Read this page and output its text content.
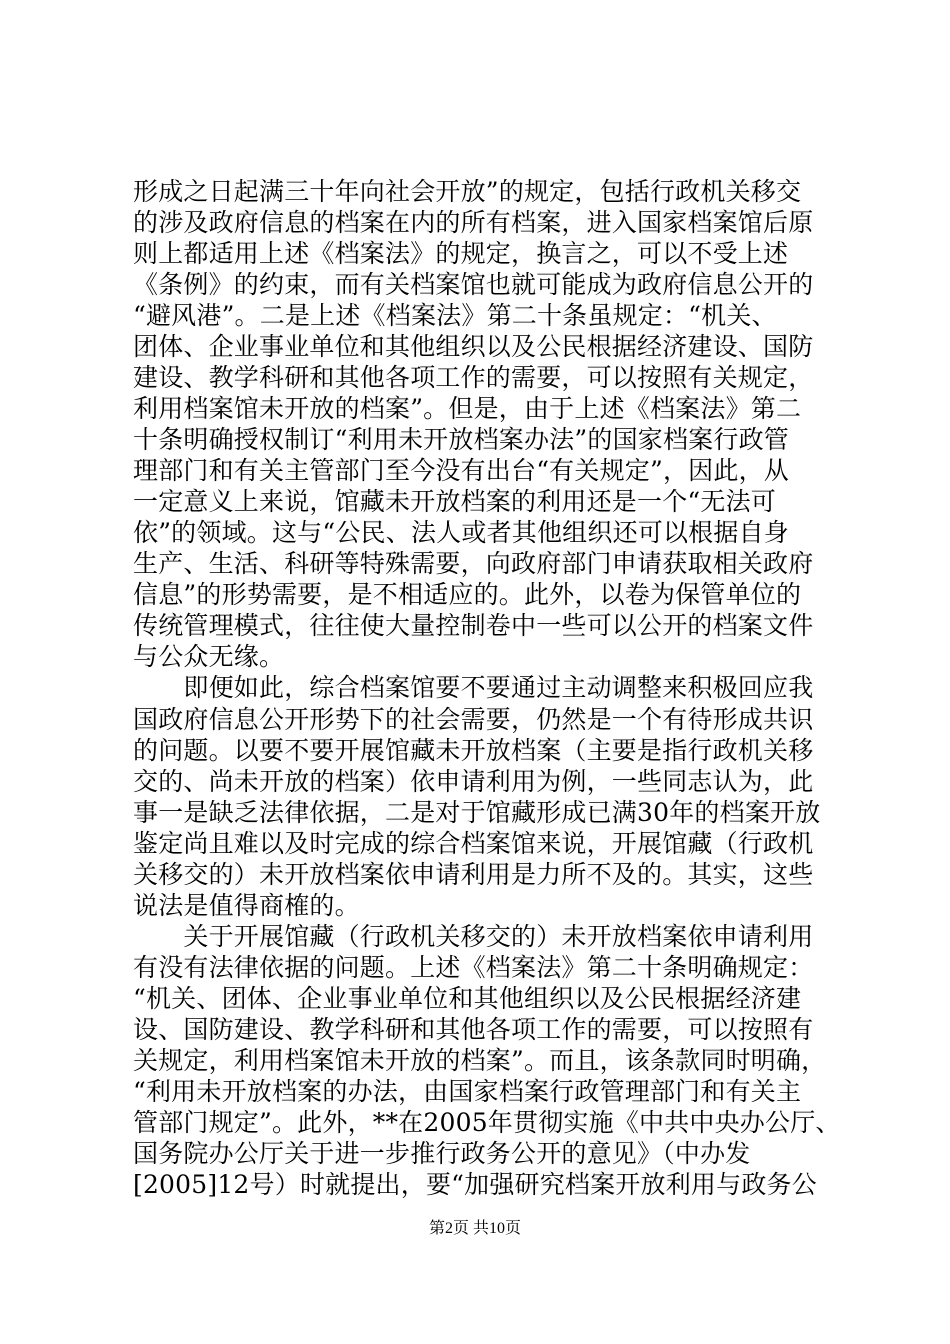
形成之日起满三十年向社会开放”的规定，包括行政机关移交
的涉及政府信息的档案在内的所有档案，进入国家档案馆后原
则上都适用上述《档案法》的规定，换言之，可以不受上述
《条例》的约束，而有关档案馆也就可能成为政府信息公开的
“避风港”。二是上述《档案法》第二十条虽规定：“机关、
团体、企业事业单位和其他组织以及公民根据经济建设、国防
建设、教学科研和其他各项工作的需要，可以按照有关规定，
利用档案馆未开放的档案”。但是，由于上述《档案法》第二
十条明确授权制订“利用未开放档案办法”的国家档案行政管
理部门和有关主管部门至今没有出台“有关规定”，因此，从
一定意义上来说，馆藏未开放档案的利用还是一个“无法可
依”的领域。这与“公民、法人或者其他组织还可以根据自身
生产、生活、科研等特殊需要，向政府部门申请获取相关政府
信息”的形势需要，是不相适应的。此外，以卷为保管单位的
传统管理模式，往往使大量控制卷中一些可以公开的档案文件
与公众无缘。
　　即便如此，综合档案馆要不要通过主动调整来积极回应我
国政府信息公开形势下的社会需要，仍然是一个有待形成共识
的问题。以要不要开展馆藏未开放档案（主要是指行政机关移
交的、尚未开放的档案）依申请利用为例，一些同志认为，此
事一是缺乏法律依据，二是对于馆藏形成已满30年的档案开放
鉴定尚且难以及时完成的综合档案馆来说，开展馆藏（行政机
关移交的）未开放档案依申请利用是力所不及的。其实，这些
说法是值得商榷的。
　　关于开展馆藏（行政机关移交的）未开放档案依申请利用
有没有法律依据的问题。上述《档案法》第二十条明确规定：
“机关、团体、企业事业单位和其他组织以及公民根据经济建
设、国防建设、教学科研和其他各项工作的需要，可以按照有
关规定，利用档案馆未开放的档案”。而且，该条款同时明确，
“利用未开放档案的办法，由国家档案行政管理部门和有关主
管部门规定”。此外，**在2005年贯彻实施《中共中央办公厅、
国务院办公厅关于进一步推行政务公开的意见》（中办发
[2005]12号）时就提出，要“加强研究档案开放利用与政务公
第2页 共10页
